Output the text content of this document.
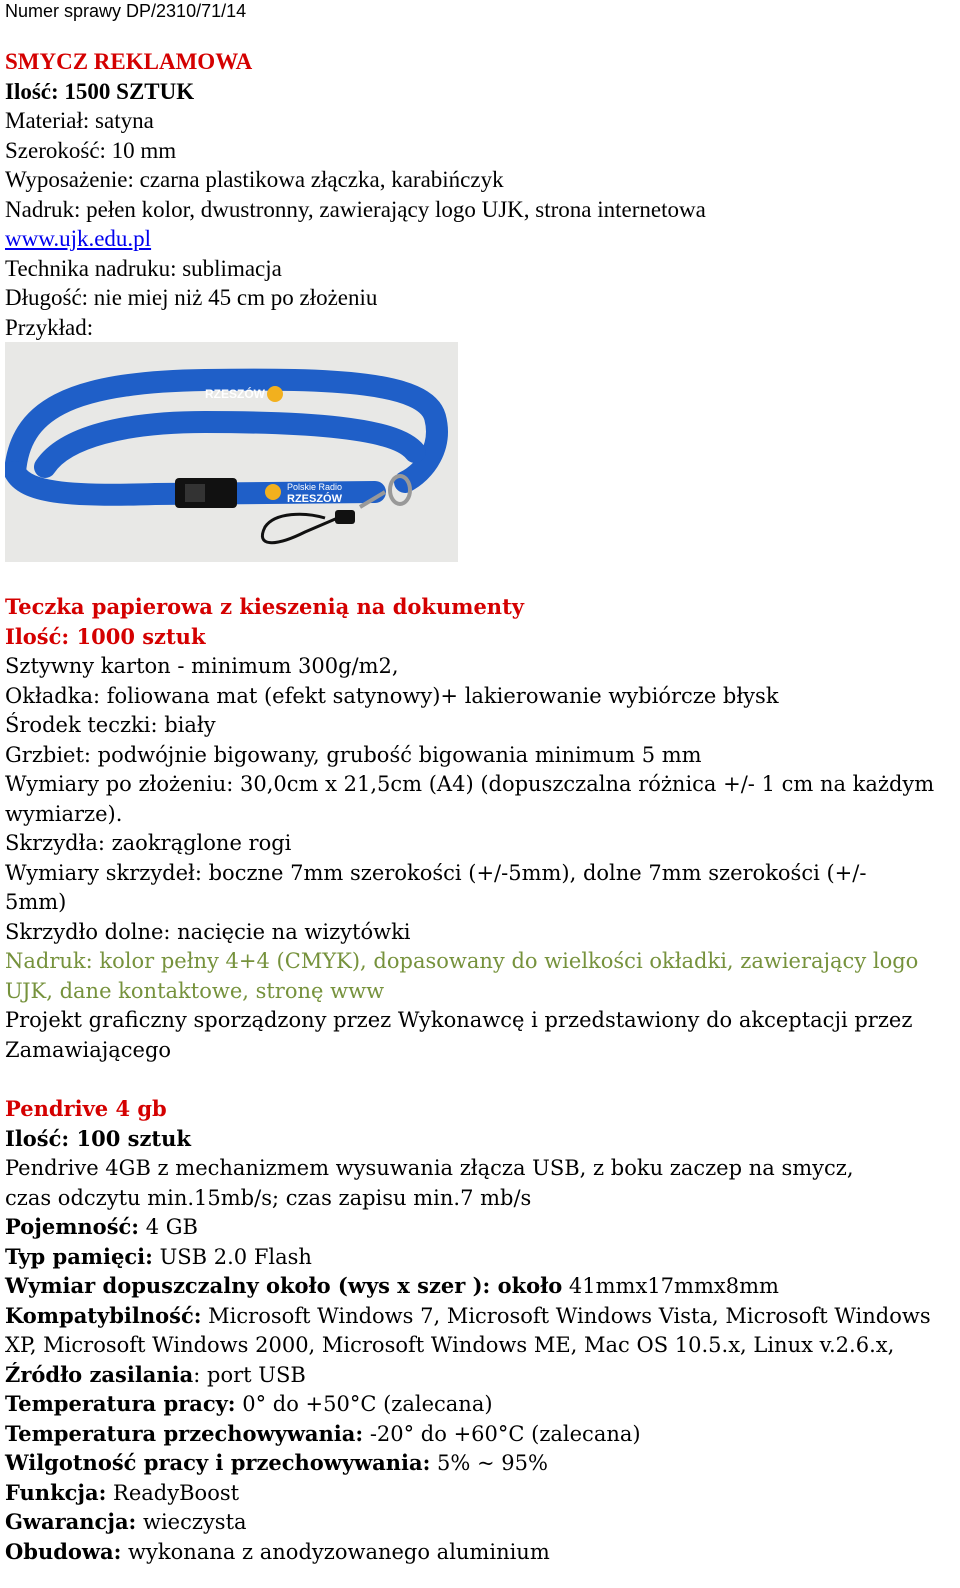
Numer sprawy DP/2310/71/14
SMYCZ REKLAMOWA
Ilość: 1500 SZTUK
Materiał: satyna
Szerokość: 10 mm
Wyposażenie: czarna plastikowa złączka, karabińczyk
Nadruk: pełen kolor, dwustronny, zawierający logo UJK, strona internetowa
www.ujk.edu.pl
Technika nadruku: sublimacja
Długość: nie miej niż 45 cm po złożeniu
Przykład:
RZESZÓW
Polskie Radio
RZESZÓW
Teczka papierowa z kieszenią na dokumenty
Ilość: 1000 sztuk
Sztywny karton - minimum 300g/m2,
Okładka: foliowana mat (efekt satynowy)+ lakierowanie wybiórcze błysk
Środek teczki: biały
Grzbiet: podwójnie bigowany, grubość bigowania minimum 5 mm
Wymiary po złożeniu: 30,0cm x 21,5cm (A4) (dopuszczalna różnica +/- 1 cm na każdym
wymiarze).
Skrzydła: zaokrąglone rogi
Wymiary skrzydeł: boczne 7mm szerokości (+/-5mm), dolne 7mm szerokości (+/-
5mm)
Skrzydło dolne: nacięcie na wizytówki
Nadruk: kolor pełny 4+4 (CMYK), dopasowany do wielkości okładki, zawierający logo
UJK, dane kontaktowe, stronę www
Projekt graficzny sporządzony przez Wykonawcę i przedstawiony do akceptacji przez
Zamawiającego
Pendrive 4 gb
Ilość: 100 sztuk
Pendrive 4GB z mechanizmem wysuwania złącza USB, z boku zaczep na smycz,
czas odczytu min.15mb/s; czas zapisu min.7 mb/s
Pojemność: 4 GB
Typ pamięci: USB 2.0 Flash
Wymiar dopuszczalny około (wys x szer ): około 41mmx17mmx8mm
Kompatybilność: Microsoft Windows 7, Microsoft Windows Vista, Microsoft Windows
XP, Microsoft Windows 2000, Microsoft Windows ME, Mac OS 10.5.x, Linux v.2.6.x,
Źródło zasilania: port USB
Temperatura pracy: 0° do +50°C (zalecana)
Temperatura przechowywania: -20° do +60°C (zalecana)
Wilgotność pracy i przechowywania: 5% ~ 95%
Funkcja: ReadyBoost
Gwarancja: wieczysta
Obudowa: wykonana z anodyzowanego aluminium
